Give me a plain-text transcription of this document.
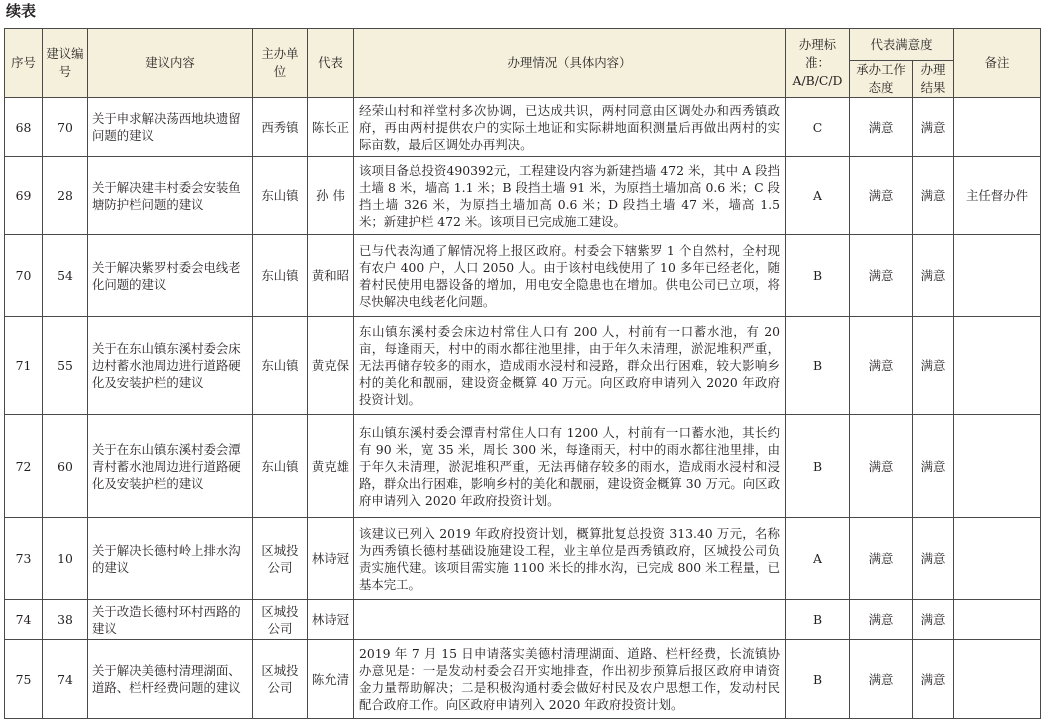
续表
序号	建议编号	建议内容	主办单位	代表	办理情况（具体内容）	办理标准：A/B/C/D	代表满意度		备注
							承办工作态度	办理结果	
68	70	关于申求解决荡西地块遗留问题的建议	西秀镇	陈长正	经荣山村和祥堂村多次协调，已达成共识，两村同意由区调处办和西秀镇政府，再由两村提供农户的实际土地证和实际耕地面积测量后再做出两村的实际亩数，最后区调处办再判决。	C	满意	满意	
69	28	关于解决建丰村委会安装鱼塘防护栏问题的建议	东山镇	孙 伟	该项目备总投资490392元，工程建设内容为新建挡墙 472 米，其中 A 段挡土墙 8 米，墙高 1.1 米；B 段挡土墙 91 米，为原挡土墙加高 0.6 米；C 段挡土墙 326 米，为原挡土墙加高 0.6 米；D 段挡土墙 47 米，墙高 1.5 米；新建护栏 472 米。该项目已完成施工建设。	A	满意	满意	主任督办件
70	54	关于解决紫罗村委会电线老化问题的建议	东山镇	黄和昭	已与代表沟通了解情况将上报区政府。村委会下辖紫罗 1 个自然村，全村现有农户 400 户，人口 2050 人。由于该村电线使用了 10 多年已经老化，随着村民使用电器设备的增加，用电安全隐患也在增加。供电公司已立项，将尽快解决电线老化问题。	B	满意	满意	
71	55	关于在东山镇东溪村委会床边村蓄水池周边进行道路硬化及安装护栏的建议	东山镇	黄克保	东山镇东溪村委会床边村常住人口有 200 人，村前有一口蓄水池，有 20 亩，每逢雨天，村中的雨水都往池里排，由于年久未清理，淤泥堆积严重，无法再储存较多的雨水，造成雨水浸村和浸路，群众出行困难，较大影响乡村的美化和靓丽，建设资金概算 40 万元。向区政府申请列入 2020 年政府投资计划。	B	满意	满意	
72	60	关于在东山镇东溪村委会潭青村蓄水池周边进行道路硬化及安装护栏的建议	东山镇	黄克雄	东山镇东溪村委会潭青村常住人口有 1200 人，村前有一口蓄水池，其长约有 90 米，宽 35 米，周长 300 米，每逢雨天，村中的雨水都往池里排，由于年久未清理，淤泥堆积严重，无法再储存较多的雨水，造成雨水浸村和浸路，群众出行困难，影响乡村的美化和靓丽，建设资金概算 30 万元。向区政府申请列入 2020 年政府投资计划。	B	满意	满意	
73	10	关于解决长德村岭上排水沟的建议	区城投公司	林诗冠	该建议已列入 2019 年政府投资计划，概算批复总投资 313.40 万元，名称为西秀镇长德村基础设施建设工程，业主单位是西秀镇政府，区城投公司负责实施代建。该项目需实施 1100 米长的排水沟，已完成 800 米工程量，已基本完工。	A	满意	满意	
74	38	关于改造长德村环村西路的建议	区城投公司	林诗冠		B	满意	满意	
75	74	关于解决美德村清理湖面、道路、栏杆经费问题的建议	区城投公司	陈允清	2019 年 7 月 15 日申请落实美德村清理湖面、道路、栏杆经费，长流镇协办意见是：一是发动村委会召开实地排查，作出初步预算后报区政府申请资金力量帮助解决；二是积极沟通村委会做好村民及农户思想工作，发动村民配合政府工作。向区政府申请列入 2020 年政府投资计划。	B	满意	满意	
